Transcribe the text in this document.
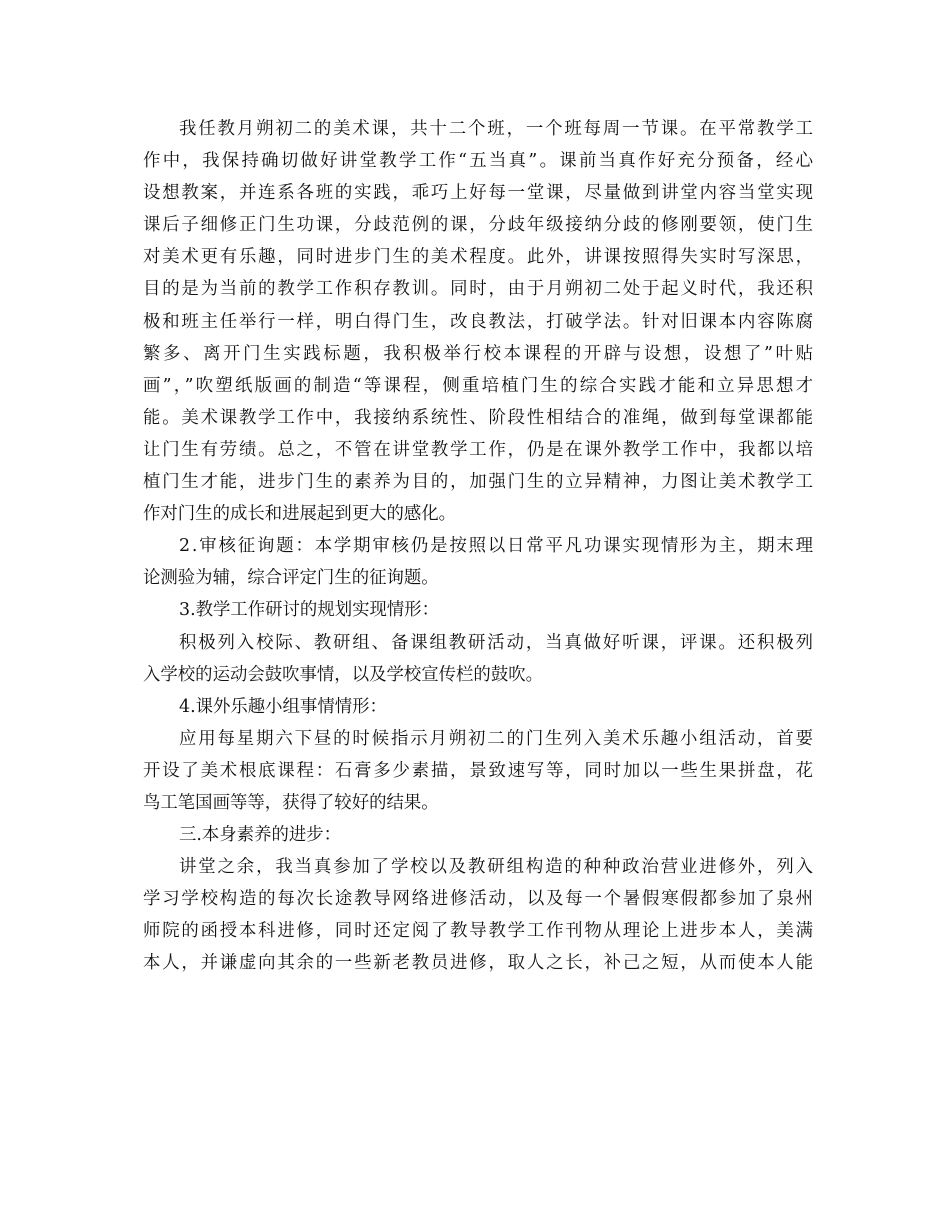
我任教月朔初二的美术课，共十二个班，一个班每周一节课。在平常教学工
作中，我保持确切做好讲堂教学工作“五当真”。课前当真作好充分预备，经心
设想教案，并连系各班的实践，乖巧上好每一堂课，尽量做到讲堂内容当堂实现
课后子细修正门生功课，分歧范例的课，分歧年级接纳分歧的修刚要领，使门生
对美术更有乐趣，同时进步门生的美术程度。此外，讲课按照得失实时写深思，
目的是为当前的教学工作积存教训。同时，由于月朔初二处于起义时代，我还积
极和班主任举行一样，明白得门生，改良教法，打破学法。针对旧课本内容陈腐
繁多、离开门生实践标题，我积极举行校本课程的开辟与设想，设想了”叶贴
画”，”吹塑纸版画的制造“等课程，侧重培植门生的综合实践才能和立异思想才
能。美术课教学工作中，我接纳系统性、阶段性相结合的准绳，做到每堂课都能
让门生有劳绩。总之，不管在讲堂教学工作，仍是在课外教学工作中，我都以培
植门生才能，进步门生的素养为目的，加强门生的立异精神，力图让美术教学工
作对门生的成长和进展起到更大的感化。
2.审核征询题：本学期审核仍是按照以日常平凡功课实现情形为主，期末理
论测验为辅，综合评定门生的征询题。
3.教学工作研讨的规划实现情形：
积极列入校际、教研组、备课组教研活动，当真做好听课，评课。还积极列
入学校的运动会鼓吹事情，以及学校宣传栏的鼓吹。
4.课外乐趣小组事情情形：
应用每星期六下昼的时候指示月朔初二的门生列入美术乐趣小组活动，首要
开设了美术根底课程：石膏多少素描，景致速写等，同时加以一些生果拼盘，花
鸟工笔国画等等，获得了较好的结果。
三.本身素养的进步：
讲堂之余，我当真参加了学校以及教研组构造的种种政治营业进修外，列入
学习学校构造的每次长途教导网络进修活动，以及每一个暑假寒假都参加了泉州
师院的函授本科进修，同时还定阅了教导教学工作刊物从理论上进步本人，美满
本人，并谦虚向其余的一些新老教员进修，取人之长，补己之短，从而使本人能
